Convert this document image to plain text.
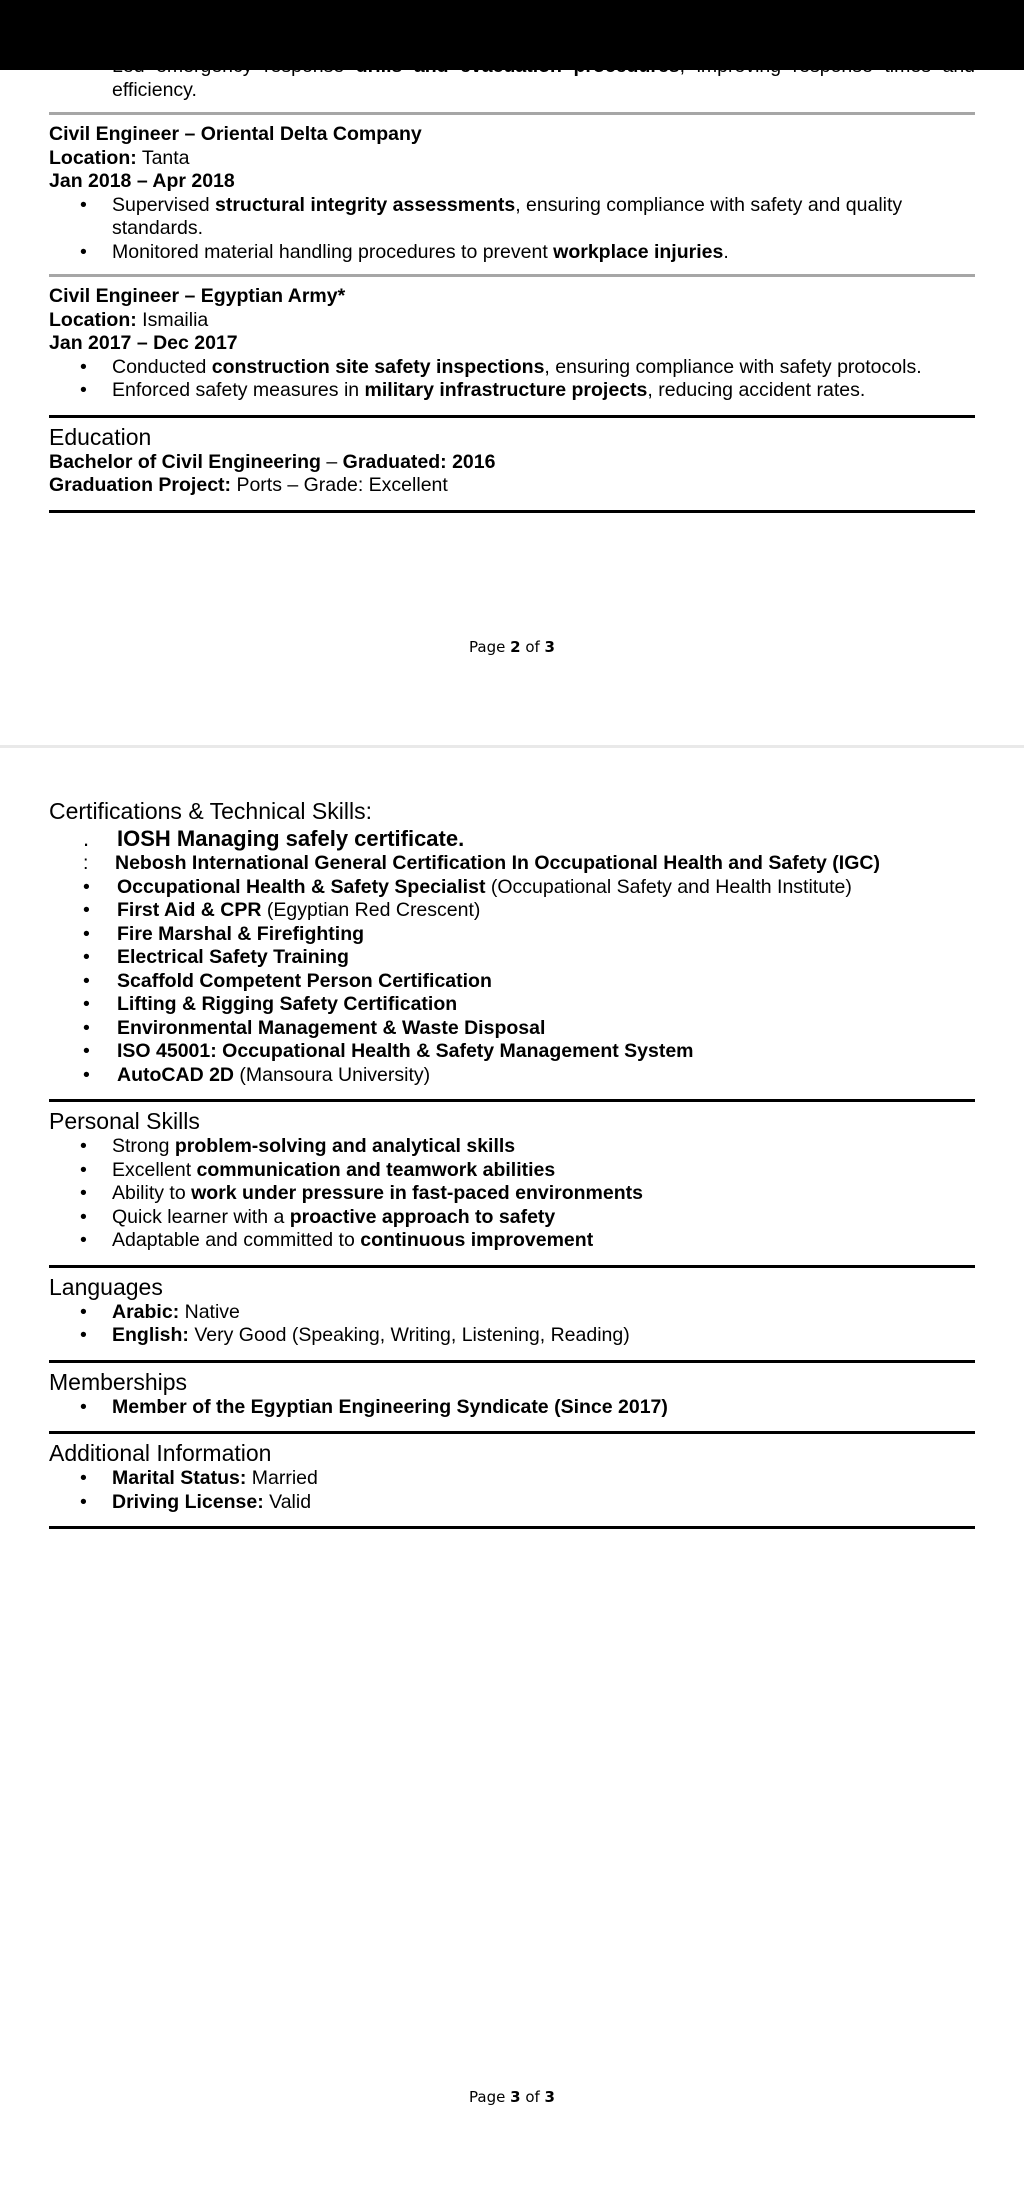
efficiency.
Civil Engineer – Oriental Delta Company
Location: Tanta
Jan 2018 – Apr 2018
• Supervised structural integrity assessments, ensuring compliance with safety and quality standards.
• Monitored material handling procedures to prevent workplace injuries.
Civil Engineer – Egyptian Army*
Location: Ismailia
Jan 2017 – Dec 2017
• Conducted construction site safety inspections, ensuring compliance with safety protocols.
• Enforced safety measures in military infrastructure projects, reducing accident rates.
Education
Bachelor of Civil Engineering – Graduated: 2016
Graduation Project: Ports – Grade: Excellent
Page 2 of 3
Certifications & Technical Skills:
. IOSH Managing safely certificate.
: Nebosh International General Certification In Occupational Health and Safety (IGC)
• Occupational Health & Safety Specialist (Occupational Safety and Health Institute)
• First Aid & CPR (Egyptian Red Crescent)
• Fire Marshal & Firefighting
• Electrical Safety Training
• Scaffold Competent Person Certification
• Lifting & Rigging Safety Certification
• Environmental Management & Waste Disposal
• ISO 45001: Occupational Health & Safety Management System
• AutoCAD 2D (Mansoura University)
Personal Skills
• Strong problem-solving and analytical skills
• Excellent communication and teamwork abilities
• Ability to work under pressure in fast-paced environments
• Quick learner with a proactive approach to safety
• Adaptable and committed to continuous improvement
Languages
• Arabic: Native
• English: Very Good (Speaking, Writing, Listening, Reading)
Memberships
• Member of the Egyptian Engineering Syndicate (Since 2017)
Additional Information
• Marital Status: Married
• Driving License: Valid
Page 3 of 3
